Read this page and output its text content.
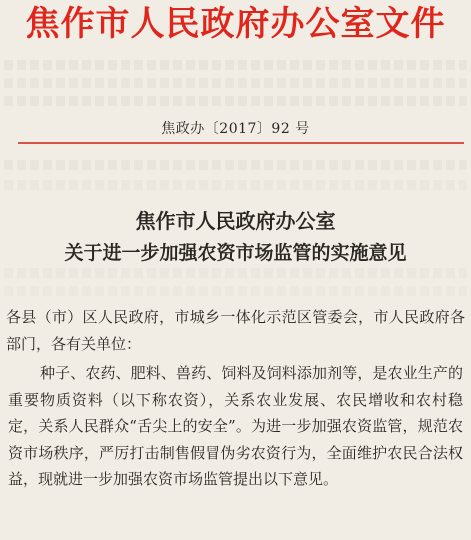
焦作市人民政府办公室文件
焦政办〔2017〕92 号
焦作市人民政府办公室
关于进一步加强农资市场监管的实施意见

各县（市）区人民政府，市城乡一体化示范区管委会，市人民政府各部门，各有关单位：

种子、农药、肥料、兽药、饲料及饲料添加剂等，是农业生产的重要物质资料（以下称农资），关系农业发展、农民增收和农村稳定，关系人民群众“舌尖上的安全”。为进一步加强农资监管，规范农资市场秩序，严厉打击制售假冒伪劣农资行为，全面维护农民合法权益，现就进一步加强农资市场监管提出以下意见。
